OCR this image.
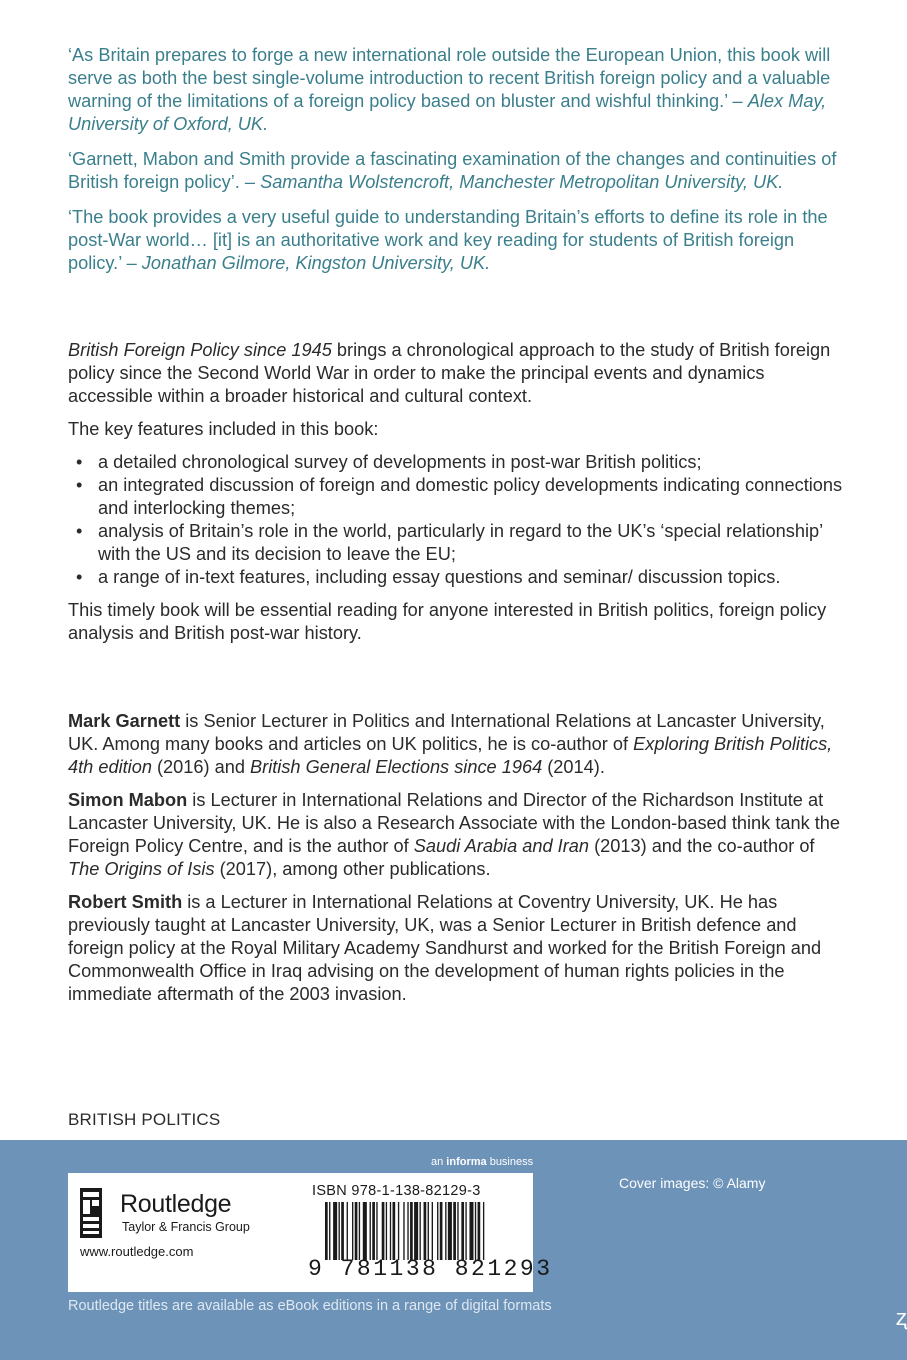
‘As Britain prepares to forge a new international role outside the European Union, this book will serve as both the best single-volume introduction to recent British foreign policy and a valuable warning of the limitations of a foreign policy based on bluster and wishful thinking.’ – Alex May, University of Oxford, UK.

‘Garnett, Mabon and Smith provide a fascinating examination of the changes and continuities of British foreign policy’. – Samantha Wolstencroft, Manchester Metropolitan University, UK.

‘The book provides a very useful guide to understanding Britain’s efforts to define its role in the post-War world… [it] is an authoritative work and key reading for students of British foreign policy.’ – Jonathan Gilmore, Kingston University, UK.

British Foreign Policy since 1945 brings a chronological approach to the study of British foreign policy since the Second World War in order to make the principal events and dynamics accessible within a broader historical and cultural context.

The key features included in this book:

• a detailed chronological survey of developments in post-war British politics;
• an integrated discussion of foreign and domestic policy developments indicating connections and interlocking themes;
• analysis of Britain’s role in the world, particularly in regard to the UK’s ‘special relationship’ with the US and its decision to leave the EU;
• a range of in-text features, including essay questions and seminar/ discussion topics.

This timely book will be essential reading for anyone interested in British politics, foreign policy analysis and British post-war history.

Mark Garnett is Senior Lecturer in Politics and International Relations at Lancaster University, UK. Among many books and articles on UK politics, he is co-author of Exploring British Politics, 4th edition (2016) and British General Elections since 1964 (2014).

Simon Mabon is Lecturer in International Relations and Director of the Richardson Institute at Lancaster University, UK. He is also a Research Associate with the London-based think tank the Foreign Policy Centre, and is the author of Saudi Arabia and Iran (2013) and the co-author of The Origins of Isis (2017), among other publications.

Robert Smith is a Lecturer in International Relations at Coventry University, UK. He has previously taught at Lancaster University, UK, was a Senior Lecturer in British defence and foreign policy at the Royal Military Academy Sandhurst and worked for the British Foreign and Commonwealth Office in Iraq advising on the development of human rights policies in the immediate aftermath of the 2003 invasion.

BRITISH POLITICS
an informa business
Cover images: © Alamy
Routledge
Taylor & Francis Group
www.routledge.com
ISBN 978-1-138-82129-3
9 781138 821293
Routledge titles are available as eBook editions in a range of digital formats	ʐ
